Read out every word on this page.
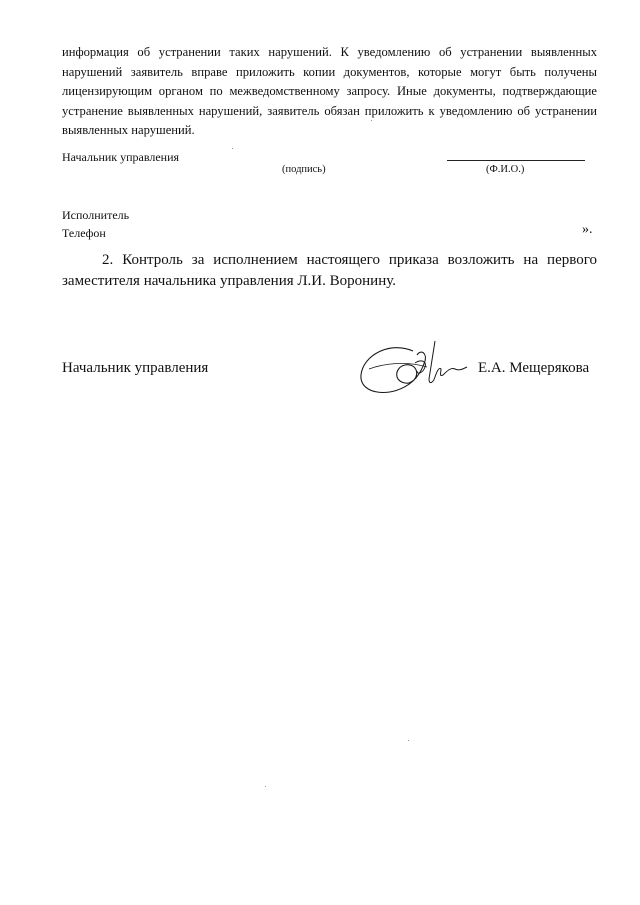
информация об устранении таких нарушений. К уведомлению об устранении выявленных нарушений заявитель вправе приложить копии документов, которые могут быть получены лицензирующим органом по межведомственному запросу. Иные документы, подтверждающие устранение выявленных нарушений, заявитель обязан приложить к уведомлению об устранении выявленных нарушений.
Начальник управления
(подпись)	(Ф.И.О.)
Исполнитель
Телефон	».
2. Контроль за исполнением настоящего приказа возложить на первого заместителя начальника управления Л.И. Воронину.
Начальник управления	Е.А. Мещерякова
